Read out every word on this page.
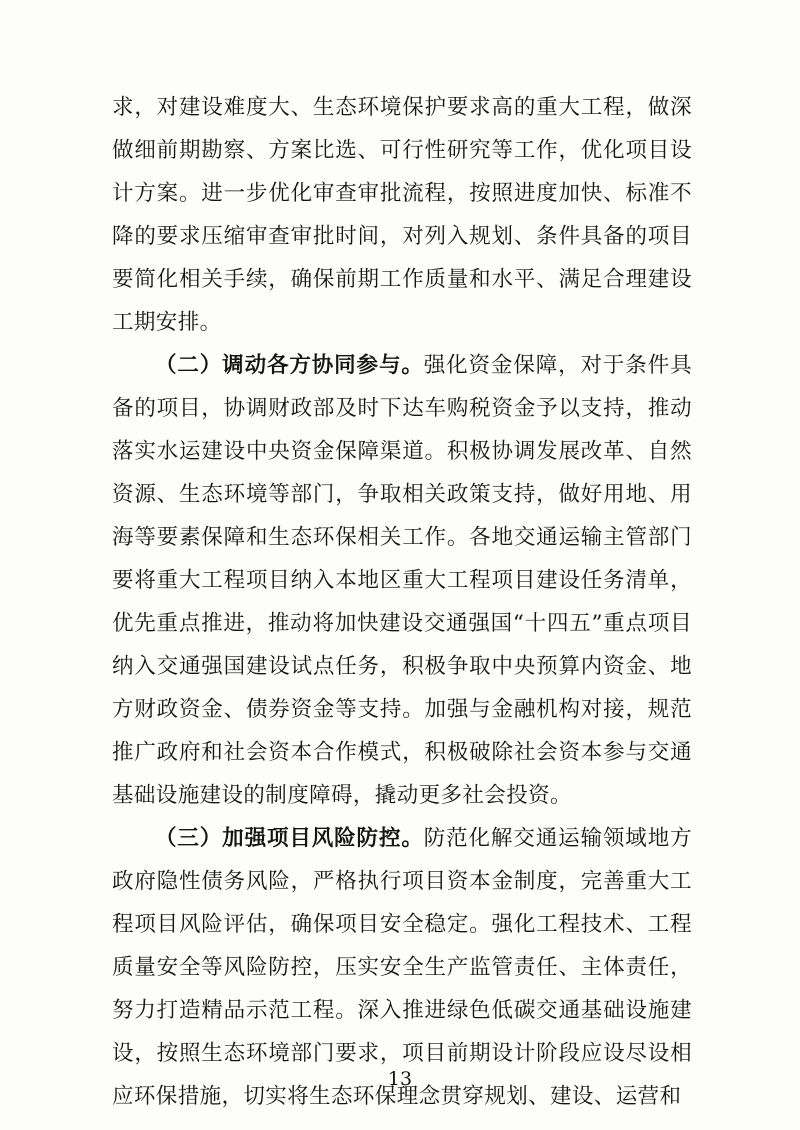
求，对建设难度大、生态环境保护要求高的重大工程，做深做细前期勘察、方案比选、可行性研究等工作，优化项目设计方案。进一步优化审查审批流程，按照进度加快、标准不降的要求压缩审查审批时间，对列入规划、条件具备的项目要简化相关手续，确保前期工作质量和水平、满足合理建设工期安排。

（二）调动各方协同参与。强化资金保障，对于条件具备的项目，协调财政部及时下达车购税资金予以支持，推动落实水运建设中央资金保障渠道。积极协调发展改革、自然资源、生态环境等部门，争取相关政策支持，做好用地、用海等要素保障和生态环保相关工作。各地交通运输主管部门要将重大工程项目纳入本地区重大工程项目建设任务清单，优先重点推进，推动将加快建设交通强国“十四五”重点项目纳入交通强国建设试点任务，积极争取中央预算内资金、地方财政资金、债券资金等支持。加强与金融机构对接，规范推广政府和社会资本合作模式，积极破除社会资本参与交通基础设施建设的制度障碍，撬动更多社会投资。

（三）加强项目风险防控。防范化解交通运输领域地方政府隐性债务风险，严格执行项目资本金制度，完善重大工程项目风险评估，确保项目安全稳定。强化工程技术、工程质量安全等风险防控，压实安全生产监管责任、主体责任，努力打造精品示范工程。深入推进绿色低碳交通基础设施建设，按照生态环境部门要求，项目前期设计阶段应设尽设相应环保措施，切实将生态环保理念贯穿规划、建设、运营和

13
